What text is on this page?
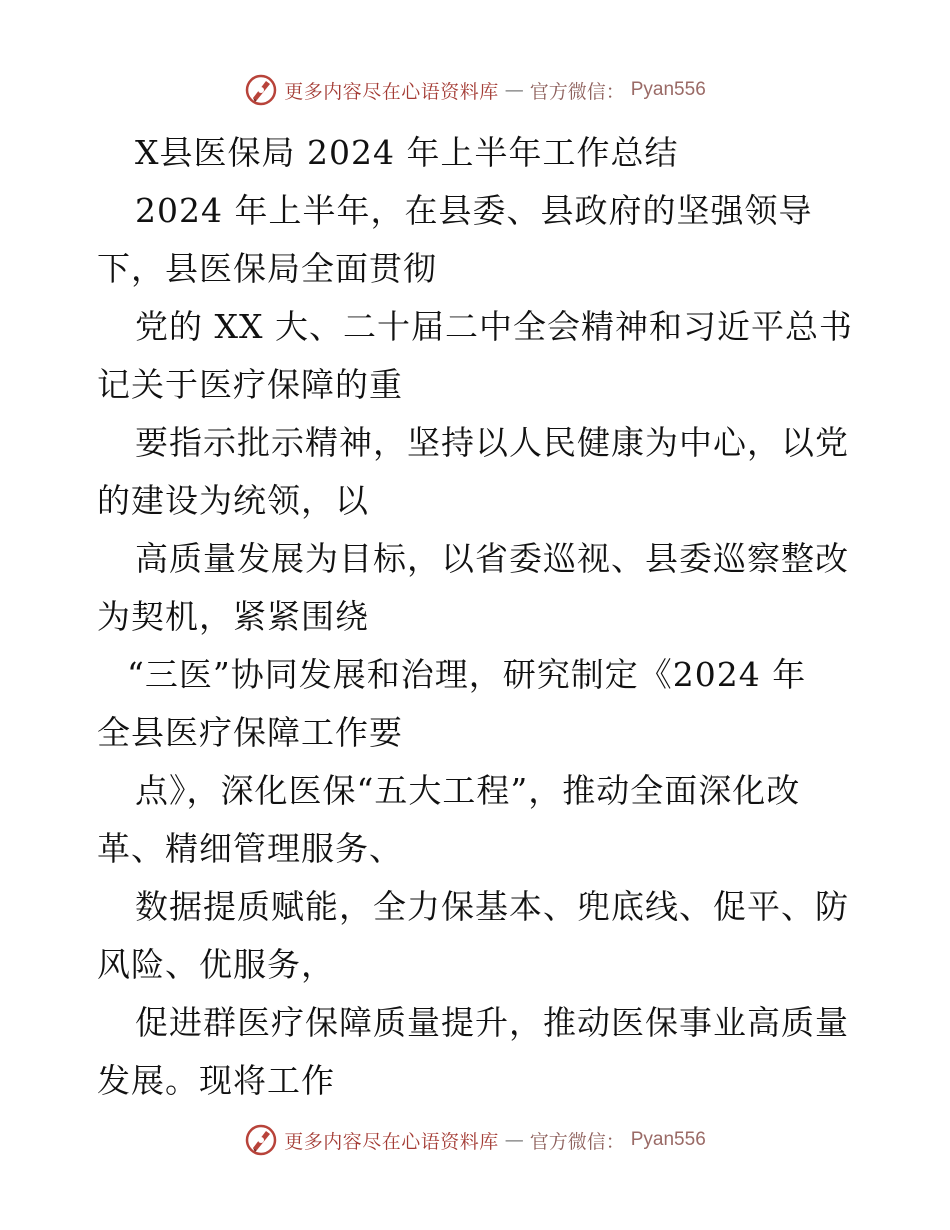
更多内容尽在心语资料库 — 官方微信： Pyan556
X县医保局 2024 年上半年工作总结
2024 年上半年，在县委、县政府的坚强领导
下，县医保局全面贯彻
党的 XX 大、二十届二中全会精神和习近平总书
记关于医疗保障的重
要指示批示精神，坚持以人民健康为中心，以党
的建设为统领，以
高质量发展为目标，以省委巡视、县委巡察整改
为契机，紧紧围绕
“三医”协同发展和治理，研究制定《2024 年
全县医疗保障工作要
点》，深化医保“五大工程”，推动全面深化改
革、精细管理服务、
数据提质赋能，全力保基本、兜底线、促平、防
风险、优服务，
促进群医疗保障质量提升，推动医保事业高质量
发展。现将工作
更多内容尽在心语资料库 — 官方微信： Pyan556
